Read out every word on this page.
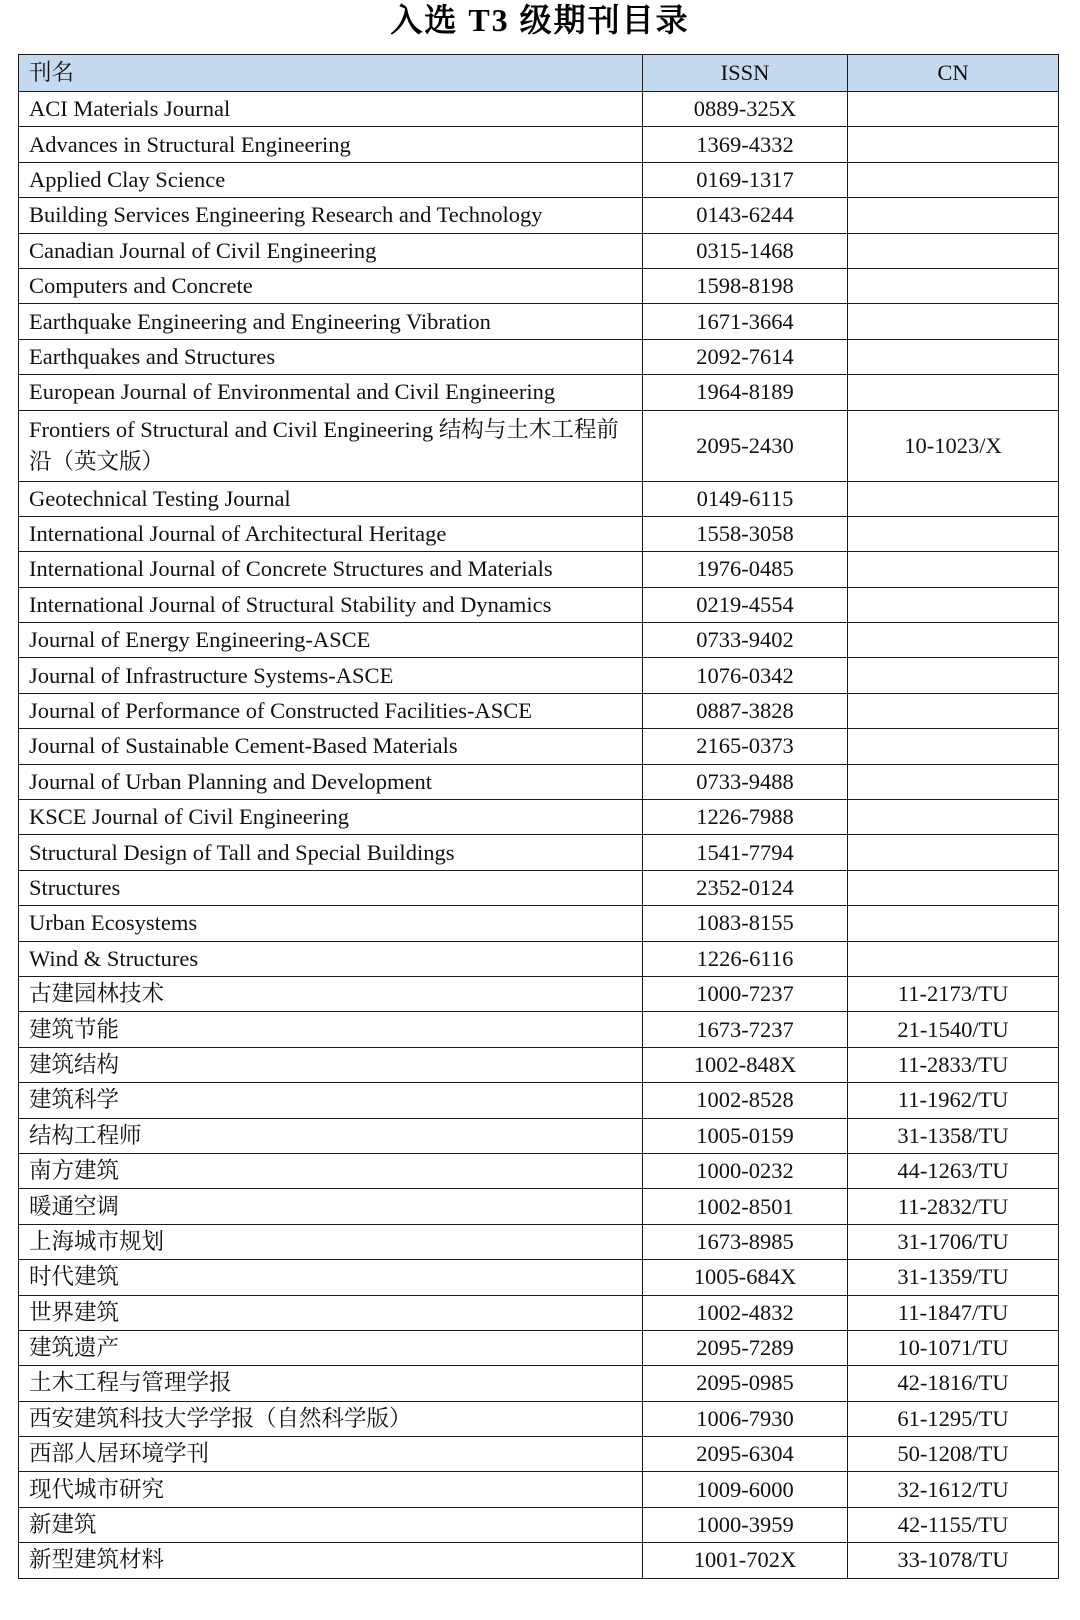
入选 T3 级期刊目录
刊名	ISSN	CN
ACI Materials Journal	0889-325X	
Advances in Structural Engineering	1369-4332	
Applied Clay Science	0169-1317	
Building Services Engineering Research and Technology	0143-6244	
Canadian Journal of Civil Engineering	0315-1468	
Computers and Concrete	1598-8198	
Earthquake Engineering and Engineering Vibration	1671-3664	
Earthquakes and Structures	2092-7614	
European Journal of Environmental and Civil Engineering	1964-8189	
Frontiers of Structural and Civil Engineering 结构与土木工程前沿（英文版）	2095-2430	10-1023/X
Geotechnical Testing Journal	0149-6115	
International Journal of Architectural Heritage	1558-3058	
International Journal of Concrete Structures and Materials	1976-0485	
International Journal of Structural Stability and Dynamics	0219-4554	
Journal of Energy Engineering-ASCE	0733-9402	
Journal of Infrastructure Systems-ASCE	1076-0342	
Journal of Performance of Constructed Facilities-ASCE	0887-3828	
Journal of Sustainable Cement-Based Materials	2165-0373	
Journal of Urban Planning and Development	0733-9488	
KSCE Journal of Civil Engineering	1226-7988	
Structural Design of Tall and Special Buildings	1541-7794	
Structures	2352-0124	
Urban Ecosystems	1083-8155	
Wind & Structures	1226-6116	
古建园林技术	1000-7237	11-2173/TU
建筑节能	1673-7237	21-1540/TU
建筑结构	1002-848X	11-2833/TU
建筑科学	1002-8528	11-1962/TU
结构工程师	1005-0159	31-1358/TU
南方建筑	1000-0232	44-1263/TU
暖通空调	1002-8501	11-2832/TU
上海城市规划	1673-8985	31-1706/TU
时代建筑	1005-684X	31-1359/TU
世界建筑	1002-4832	11-1847/TU
建筑遗产	2095-7289	10-1071/TU
土木工程与管理学报	2095-0985	42-1816/TU
西安建筑科技大学学报（自然科学版）	1006-7930	61-1295/TU
西部人居环境学刊	2095-6304	50-1208/TU
现代城市研究	1009-6000	32-1612/TU
新建筑	1000-3959	42-1155/TU
新型建筑材料	1001-702X	33-1078/TU
